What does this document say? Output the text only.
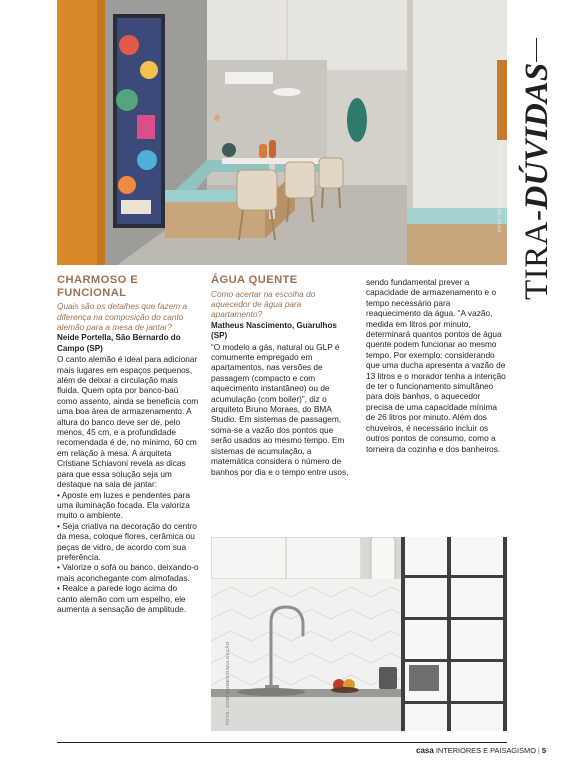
FOTO: RAFAEL RENZO/DIVULGAÇÃO
TIRA-DÚVIDAS
CHARMOSO E
FUNCIONAL
Quais são os detalhes que fazem a diferença na composição do canto alemão para a mesa de jantar?
Neide Portella, São Bernardo do Campo (SP)
O canto alemão é ideal para adicionar mais lugares em espaços pequenos, além de deixar a circulação mais fluida. Quem opta por banco-baú como assento, ainda se beneficia com uma boa área de armazenamento. A altura do banco deve ser de, pelo menos, 45 cm, e a profundidade recomendada é de, no mínimo, 60 cm em relação à mesa. A arquiteta Cristiane Schiavoni revela as dicas para que essa solução seja um destaque na sala de jantar:
• Aposte em luzes e pendentes para uma iluminação focada. Ela valoriza muito o ambiente.
• Seja criativa na decoração do centro da mesa, coloque flores, cerâmica ou peças de vidro, de acordo com sua preferência.
• Valorize o sofá ou banco, deixando-o mais aconchegante com almofadas.
• Realce a parede logo acima do canto alemão com um espelho, ele aumenta a sensação de amplitude.
ÁGUA QUENTE
Como acertar na escolha do aquecedor de água para apartamento?
Matheus Nascimento, Guarulhos (SP)
“O modelo a gás, natural ou GLP é comumente empregado em apartamentos, nas versões de passagem (compacto e com aquecimento instantâneo) ou de acumulação (com boiler)”, diz o arquiteto Bruno Moraes, do BMA Studio. Em sistemas de passagem, soma-se a vazão dos pontos que serão usados ao mesmo tempo. Em sistemas de acumulação, a matemática considera o número de banhos por dia e o tempo entre usos,
sendo fundamental prever a capacidade de armazenamento e o tempo necessário para reaquecimento da água. “A vazão, medida em litros por minuto, determinará quantos pontos de água quente podem funcionar ao mesmo tempo. Por exemplo: considerando que uma ducha apresenta a vazão de 13 litros e o morador tenha a intenção de ter o funcionamento simultâneo para dois banhos, o aquecedor precisa de uma capacidade mínima de 26 litros por minuto. Além dos chuveiros, é necessário incluir os outros pontos de consumo, como a torneira da cozinha e dos banheiros.
FOTO: JOSÉ GOMES/DIVULGAÇÃO
casa INTERIORES E PAISAGISMO | 5
